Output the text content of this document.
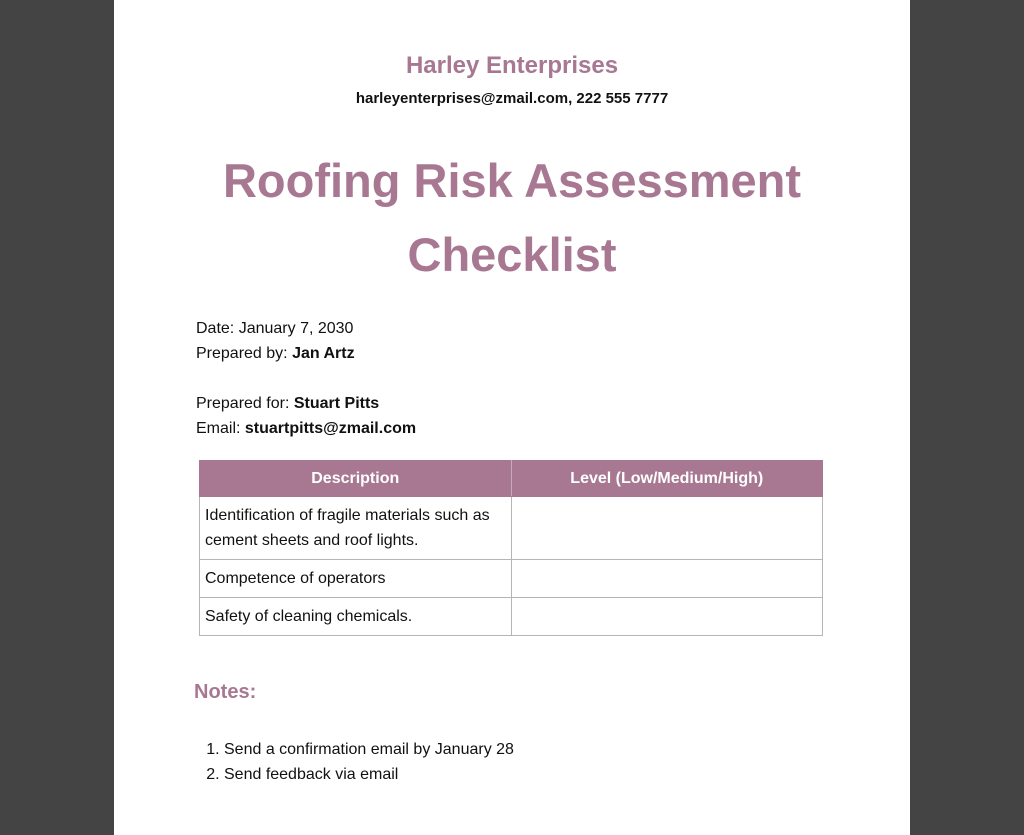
Harley Enterprises
harleyenterprises@zmail.com, 222 555 7777
Roofing Risk Assessment
Checklist
Date: January 7, 2030
Prepared by: Jan Artz
Prepared for: Stuart Pitts
Email: stuartpitts@zmail.com
Description	Level (Low/Medium/High)
Identification of fragile materials such as cement sheets and roof lights.	
Competence of operators	
Safety of cleaning chemicals.	
Notes:
1. Send a confirmation email by January 28
2. Send feedback via email
